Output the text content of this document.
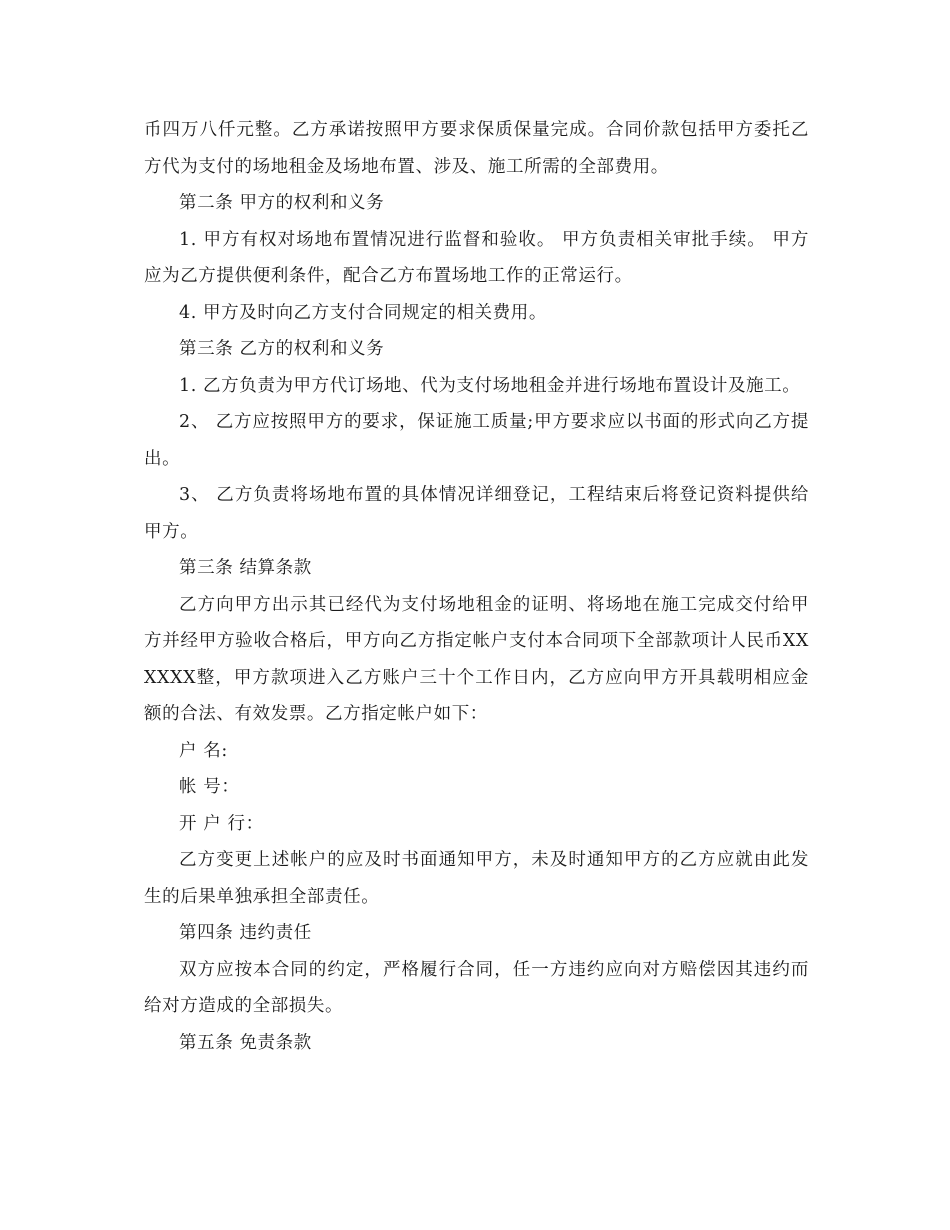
币四万八仟元整。乙方承诺按照甲方要求保质保量完成。合同价款包括甲方委托乙方代为支付的场地租金及场地布置、涉及、施工所需的全部费用。

第二条 甲方的权利和义务

1. 甲方有权对场地布置情况进行监督和验收。 甲方负责相关审批手续。 甲方应为乙方提供便利条件，配合乙方布置场地工作的正常运行。

4. 甲方及时向乙方支付合同规定的相关费用。

第三条 乙方的权利和义务

1. 乙方负责为甲方代订场地、代为支付场地租金并进行场地布置设计及施工。

2、 乙方应按照甲方的要求，保证施工质量;甲方要求应以书面的形式向乙方提出。

3、 乙方负责将场地布置的具体情况详细登记，工程结束后将登记资料提供给甲方。

第三条 结算条款

乙方向甲方出示其已经代为支付场地租金的证明、将场地在施工完成交付给甲方并经甲方验收合格后，甲方向乙方指定帐户支付本合同项下全部款项计人民币XXXXXX整，甲方款项进入乙方账户三十个工作日内，乙方应向甲方开具载明相应金额的合法、有效发票。乙方指定帐户如下：

户 名:

帐 号：

开 户 行：

乙方变更上述帐户的应及时书面通知甲方，未及时通知甲方的乙方应就由此发生的后果单独承担全部责任。

第四条 违约责任

双方应按本合同的约定，严格履行合同，任一方违约应向对方赔偿因其违约而给对方造成的全部损失。

第五条 免责条款
